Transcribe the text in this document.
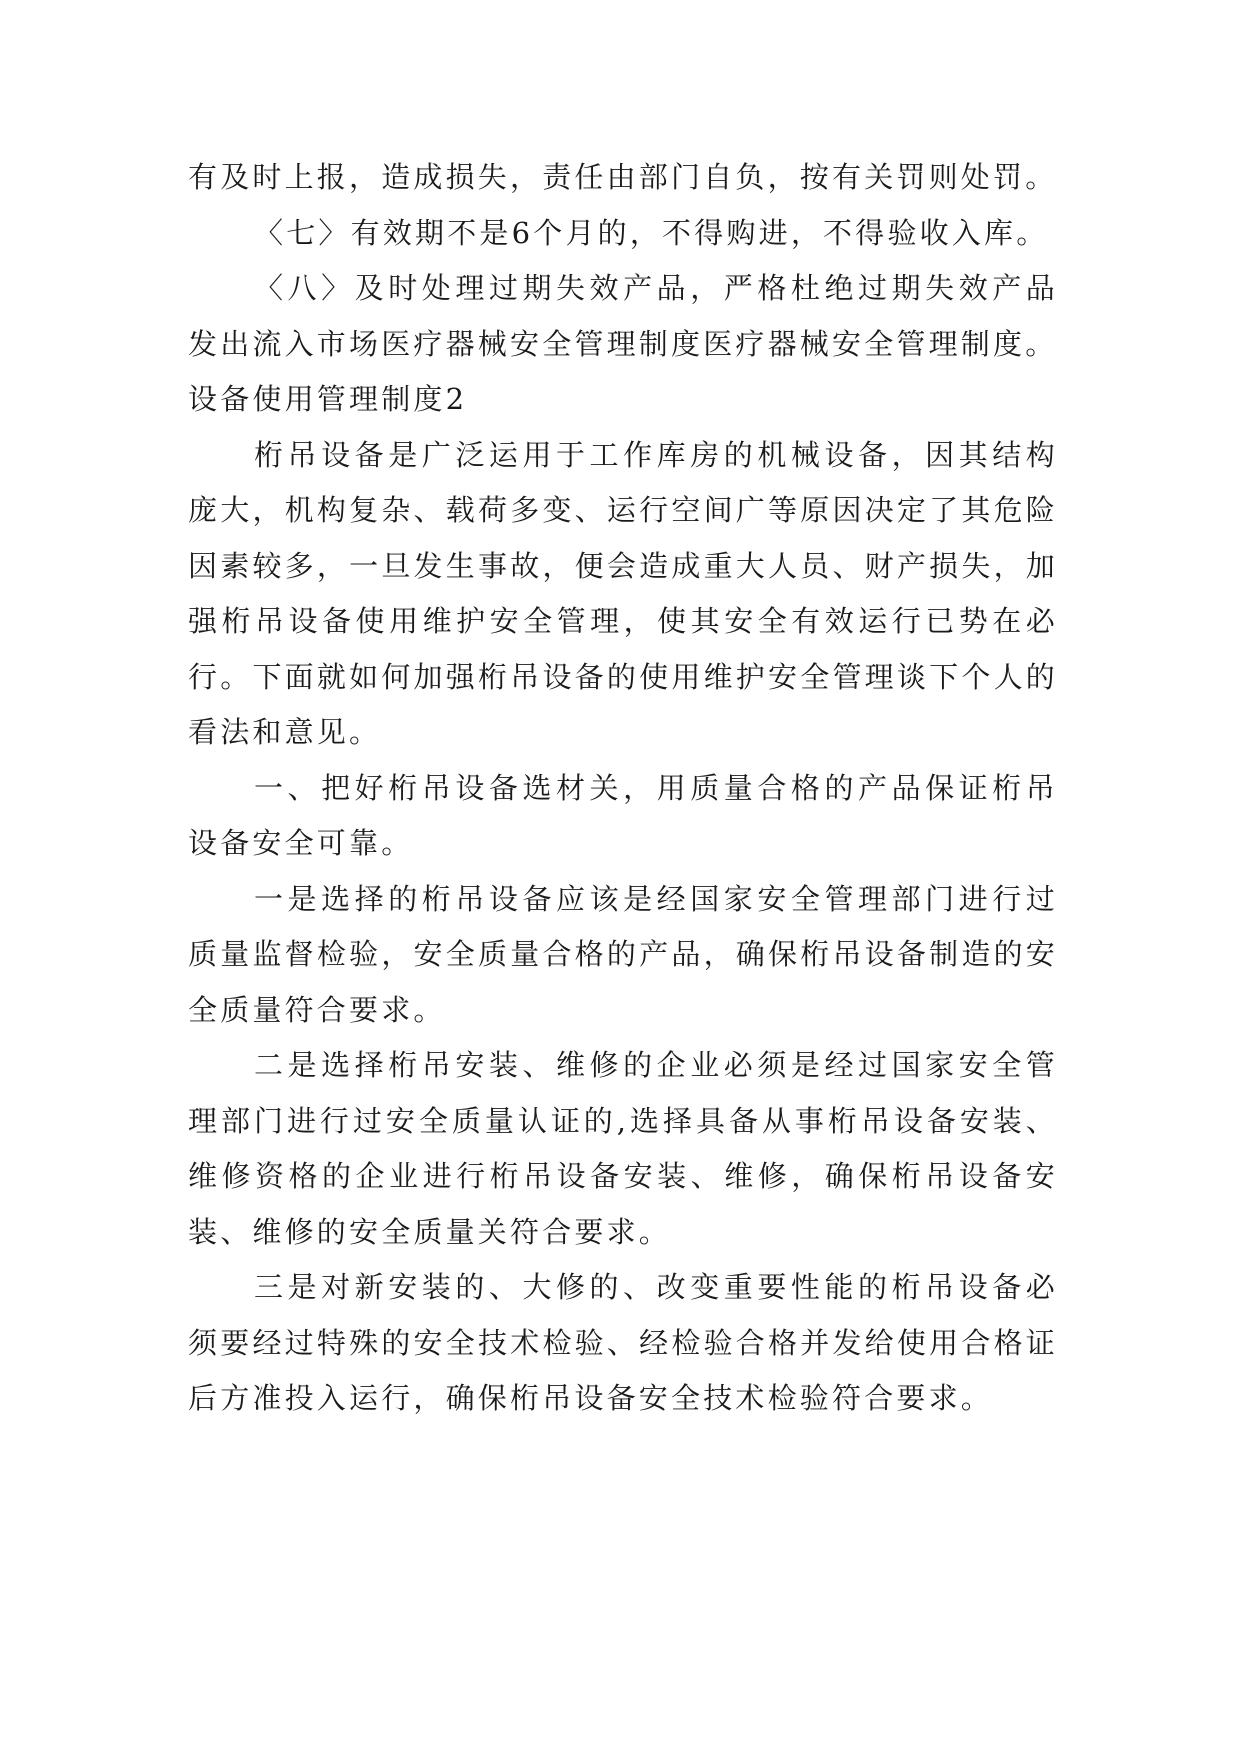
有及时上报，造成损失，责任由部门自负，按有关罚则处罚。

〈七〉有效期不是6个月的，不得购进，不得验收入库。

〈八〉及时处理过期失效产品，严格杜绝过期失效产品发出流入市场医疗器械安全管理制度医疗器械安全管理制度。

设备使用管理制度2

桁吊设备是广泛运用于工作库房的机械设备，因其结构庞大，机构复杂、载荷多变、运行空间广等原因决定了其危险因素较多，一旦发生事故，便会造成重大人员、财产损失，加强桁吊设备使用维护安全管理，使其安全有效运行已势在必行。下面就如何加强桁吊设备的使用维护安全管理谈下个人的看法和意见。

一、把好桁吊设备选材关，用质量合格的产品保证桁吊设备安全可靠。

一是选择的桁吊设备应该是经国家安全管理部门进行过质量监督检验，安全质量合格的产品，确保桁吊设备制造的安全质量符合要求。

二是选择桁吊安装、维修的企业必须是经过国家安全管理部门进行过安全质量认证的,选择具备从事桁吊设备安装、维修资格的企业进行桁吊设备安装、维修，确保桁吊设备安装、维修的安全质量关符合要求。

三是对新安装的、大修的、改变重要性能的桁吊设备必须要经过特殊的安全技术检验、经检验合格并发给使用合格证后方准投入运行，确保桁吊设备安全技术检验符合要求。
